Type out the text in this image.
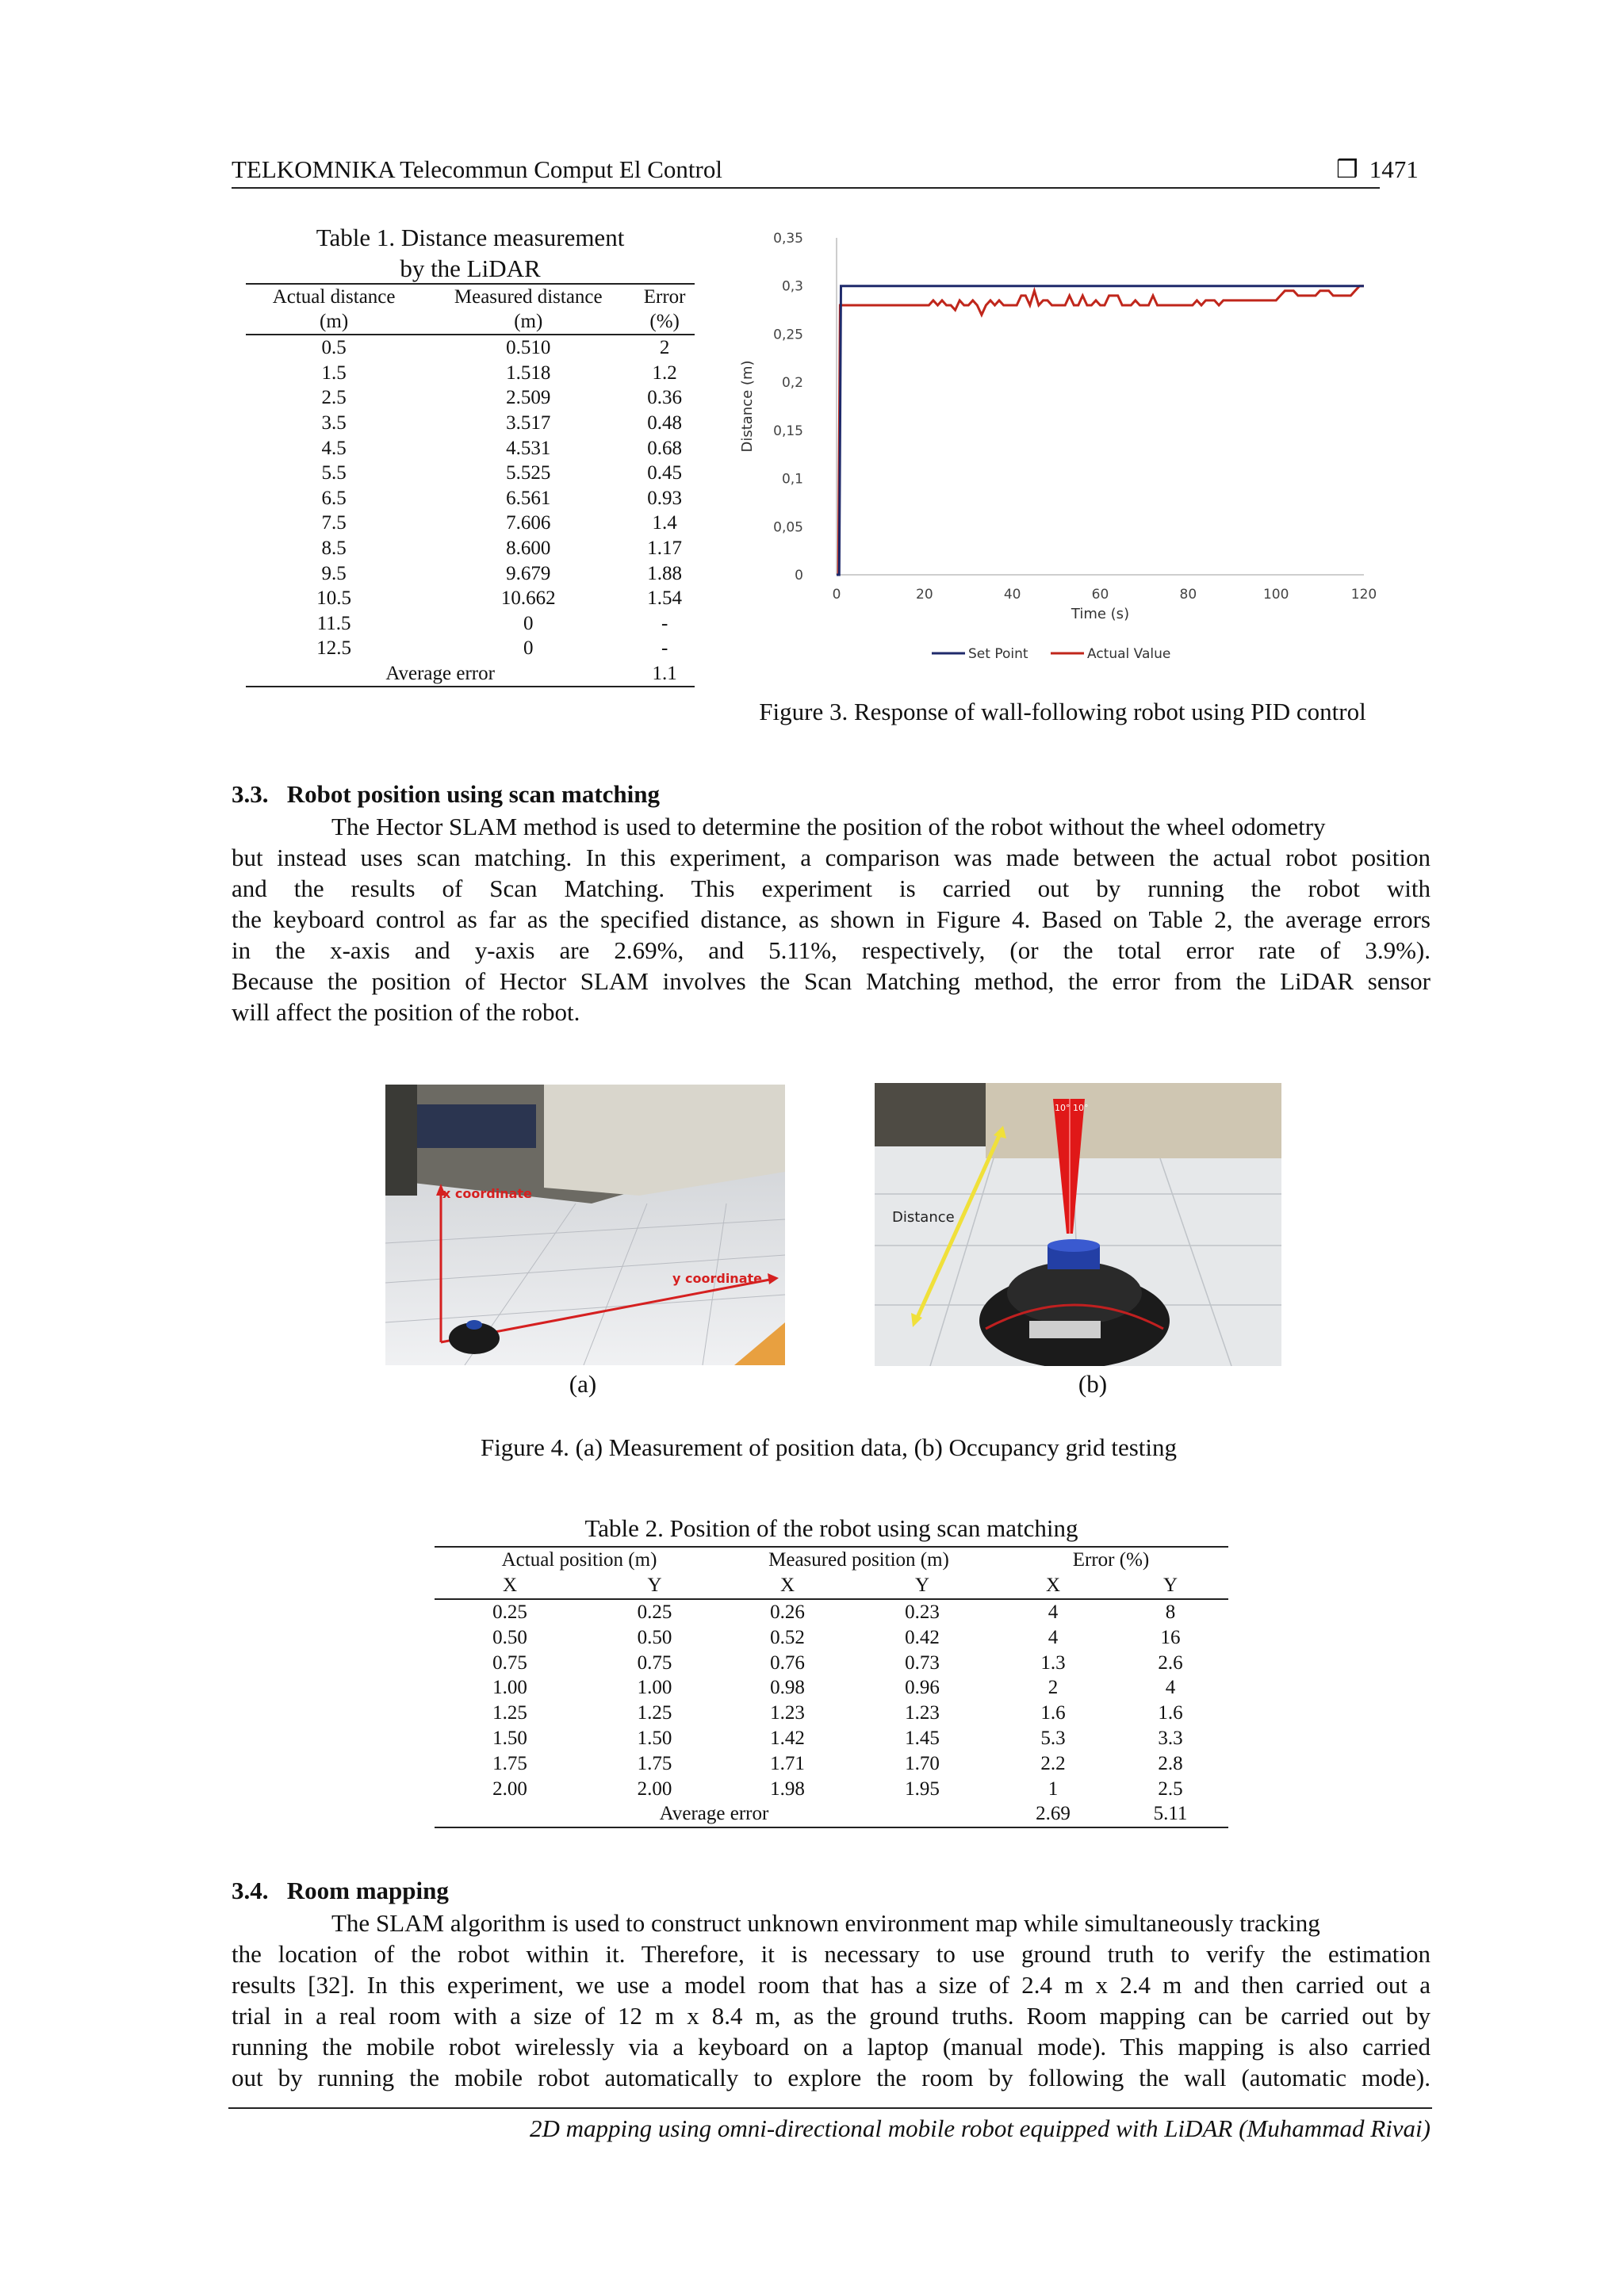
TELKOMNIKA Telecommun Comput El Control	❒ 1471
Table 1. Distance measurement
by the LiDAR
Actual distance	Measured distance	Error
(m)	(m)	(%)
0.5	0.510	2
1.5	1.518	1.2
2.5	2.509	0.36
3.5	3.517	0.48
4.5	4.531	0.68
5.5	5.525	0.45
6.5	6.561	0.93
7.5	7.606	1.4
8.5	8.600	1.17
9.5	9.679	1.88
10.5	10.662	1.54
11.5	0	-
12.5	0	-
Average error		1.1
0
0,05
0,1
0,15
0,2
0,25
0,3
0,35
0	20	40	60	80	100	120
Time (s)
Distance (m)
Set Point	Actual Value
Figure 3. Response of wall-following robot using PID control
3.3.   Robot position using scan matching
The Hector SLAM method is used to determine the position of the robot without the wheel odometry
but instead uses scan matching. In this experiment, a comparison was made between the actual robot position
and the results of Scan Matching. This experiment is carried out by running the robot with
the keyboard control as far as the specified distance, as shown in Figure 4. Based on Table 2, the average errors
in the x-axis and y-axis are 2.69%, and 5.11%, respectively, (or the total error rate of 3.9%).
Because the position of Hector SLAM involves the Scan Matching method, the error from the LiDAR sensor
will affect the position of the robot.
x coordinate
y coordinate
10° 10°
Distance
(a)	(b)
Figure 4. (a) Measurement of position data, (b) Occupancy grid testing
Table 2. Position of the robot using scan matching
Actual position (m)		Measured position (m)		Error (%)	
X	Y	X	Y	X	Y
0.25	0.25	0.26	0.23	4	8
0.50	0.50	0.52	0.42	4	16
0.75	0.75	0.76	0.73	1.3	2.6
1.00	1.00	0.98	0.96	2	4
1.25	1.25	1.23	1.23	1.6	1.6
1.50	1.50	1.42	1.45	5.3	3.3
1.75	1.75	1.71	1.70	2.2	2.8
2.00	2.00	1.98	1.95	1	2.5
Average error				2.69	5.11
3.4.   Room mapping
The SLAM algorithm is used to construct unknown environment map while simultaneously tracking
the location of the robot within it. Therefore, it is necessary to use ground truth to verify the estimation
results [32]. In this experiment, we use a model room that has a size of 2.4 m x 2.4 m and then carried out a
trial in a real room with a size of 12 m x 8.4 m, as the ground truths. Room mapping can be carried out by
running the mobile robot wirelessly via a keyboard on a laptop (manual mode). This mapping is also carried
out by running the mobile robot automatically to explore the room by following the wall (automatic mode).
2D mapping using omni-directional mobile robot equipped with LiDAR (Muhammad Rivai)
